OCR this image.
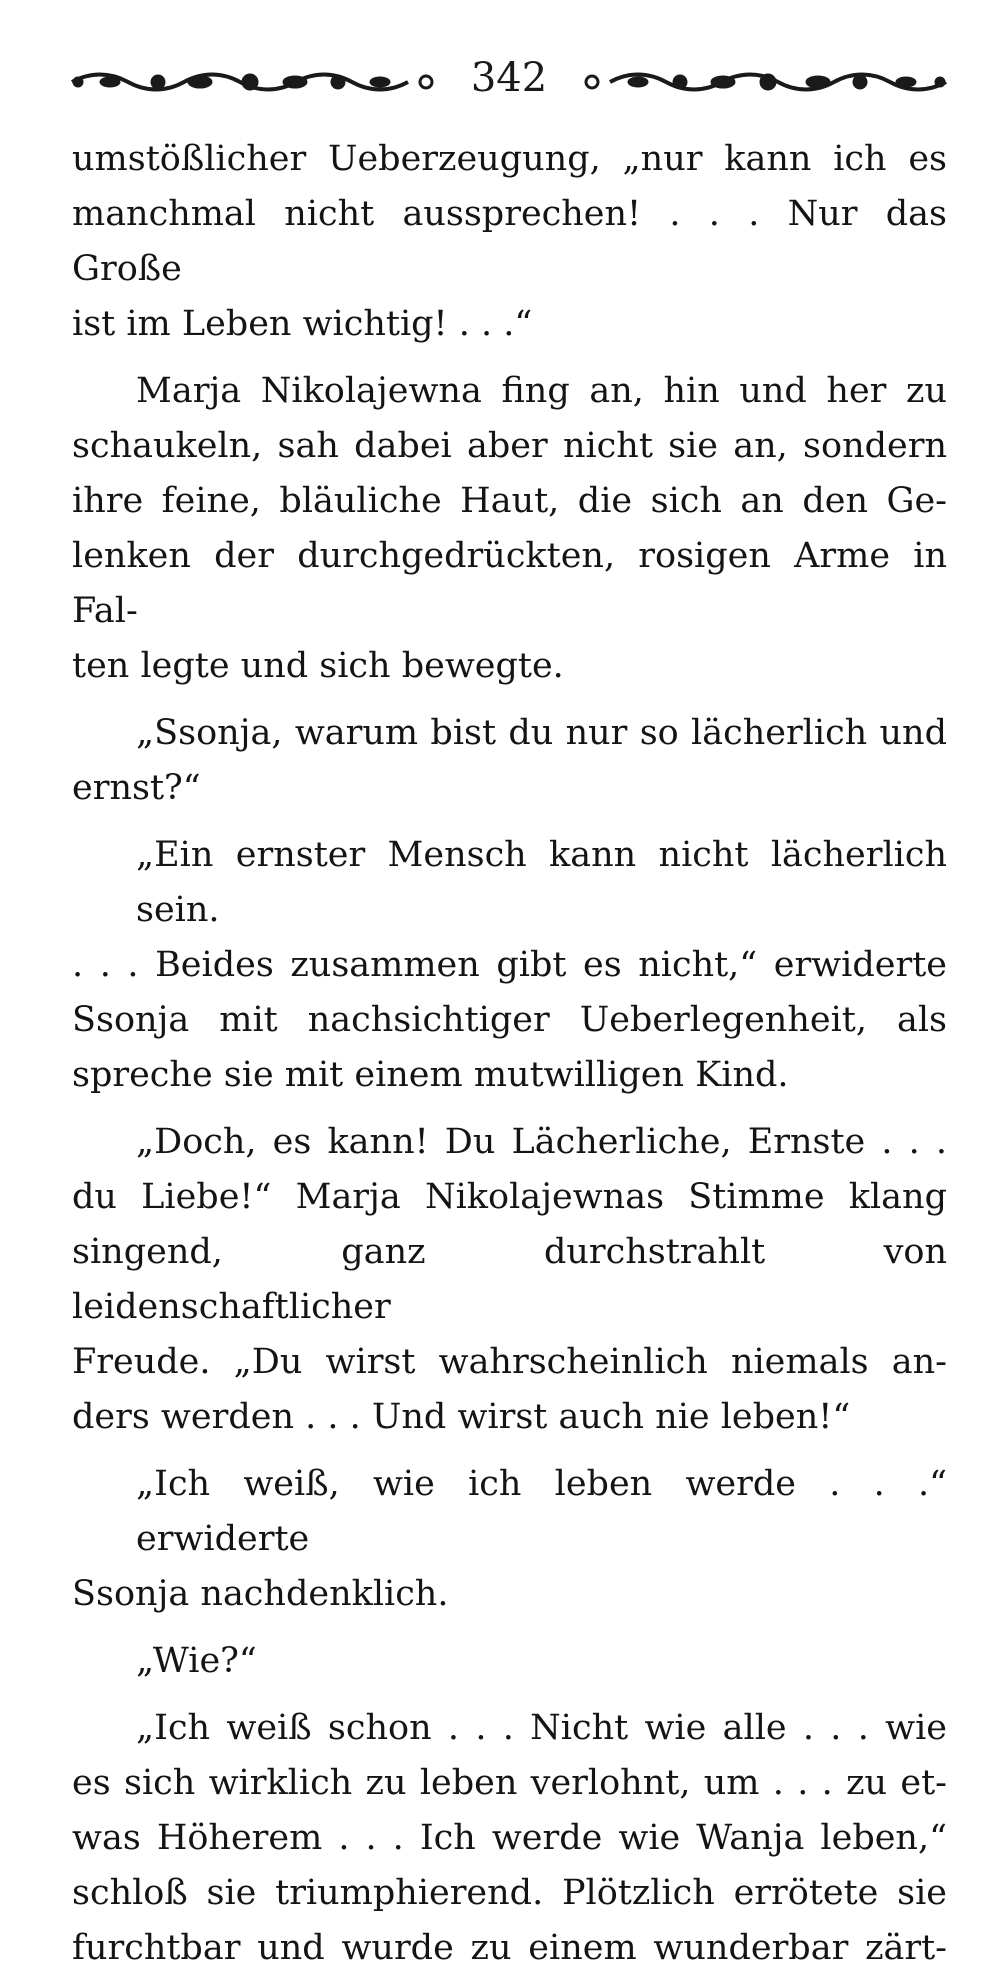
342
umstößlicher Ueberzeugung, „nur kann ich es
manchmal nicht aussprechen! . . . Nur das Große
ist im Leben wichtig! . . .“
Marja Nikolajewna fing an, hin und her zu
schaukeln, sah dabei aber nicht sie an, sondern
ihre feine, bläuliche Haut, die sich an den Ge-
lenken der durchgedrückten, rosigen Arme in Fal-
ten legte und sich bewegte.
„Ssonja, warum bist du nur so lächerlich und
ernst?“
„Ein ernster Mensch kann nicht lächerlich sein.
. . . Beides zusammen gibt es nicht,“ erwiderte
Ssonja mit nachsichtiger Ueberlegenheit, als
spreche sie mit einem mutwilligen Kind.
„Doch, es kann! Du Lächerliche, Ernste . . .
du Liebe!“ Marja Nikolajewnas Stimme klang
singend, ganz durchstrahlt von leidenschaftlicher
Freude. „Du wirst wahrscheinlich niemals an-
ders werden . . . Und wirst auch nie leben!“
„Ich weiß, wie ich leben werde . . .“ erwiderte
Ssonja nachdenklich.
„Wie?“
„Ich weiß schon . . . Nicht wie alle . . . wie
es sich wirklich zu leben verlohnt, um . . . zu et-
was Höherem . . . Ich werde wie Wanja leben,“
schloß sie triumphierend. Plötzlich errötete sie
furchtbar und wurde zu einem wunderbar zärt-
